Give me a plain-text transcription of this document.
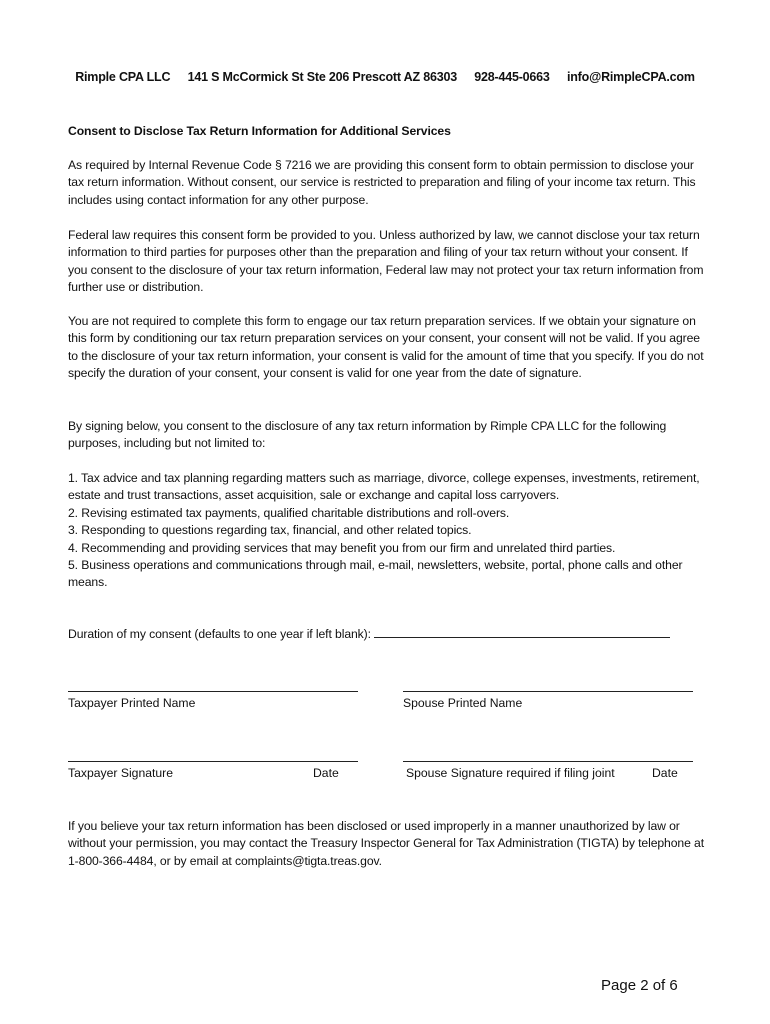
Rimple CPA LLC 141 S McCormick St Ste 206 Prescott AZ 86303 928-445-0663 info@RimpleCPA.com
Consent to Disclose Tax Return Information for Additional Services
As required by Internal Revenue Code § 7216 we are providing this consent form to obtain permission to disclose your tax return information. Without consent, our service is restricted to preparation and filing of your income tax return. This includes using contact information for any other purpose.
Federal law requires this consent form be provided to you. Unless authorized by law, we cannot disclose your tax return information to third parties for purposes other than the preparation and filing of your tax return without your consent. If you consent to the disclosure of your tax return information, Federal law may not protect your tax return information from further use or distribution.
You are not required to complete this form to engage our tax return preparation services. If we obtain your signature on this form by conditioning our tax return preparation services on your consent, your consent will not be valid. If you agree to the disclosure of your tax return information, your consent is valid for the amount of time that you specify. If you do not specify the duration of your consent, your consent is valid for one year from the date of signature.
By signing below, you consent to the disclosure of any tax return information by Rimple CPA LLC for the following purposes, including but not limited to:
1. Tax advice and tax planning regarding matters such as marriage, divorce, college expenses, investments, retirement, estate and trust transactions, asset acquisition, sale or exchange and capital loss carryovers.
2. Revising estimated tax payments, qualified charitable distributions and roll-overs.
3. Responding to questions regarding tax, financial, and other related topics.
4. Recommending and providing services that may benefit you from our firm and unrelated third parties.
5. Business operations and communications through mail, e-mail, newsletters, website, portal, phone calls and other means.
Duration of my consent (defaults to one year if left blank):
Taxpayer Printed Name	Spouse Printed Name
Taxpayer Signature	Date	Spouse Signature required if filing joint	Date
If you believe your tax return information has been disclosed or used improperly in a manner unauthorized by law or without your permission, you may contact the Treasury Inspector General for Tax Administration (TIGTA) by telephone at 1-800-366-4484, or by email at complaints@tigta.treas.gov.
Page 2 of 6
